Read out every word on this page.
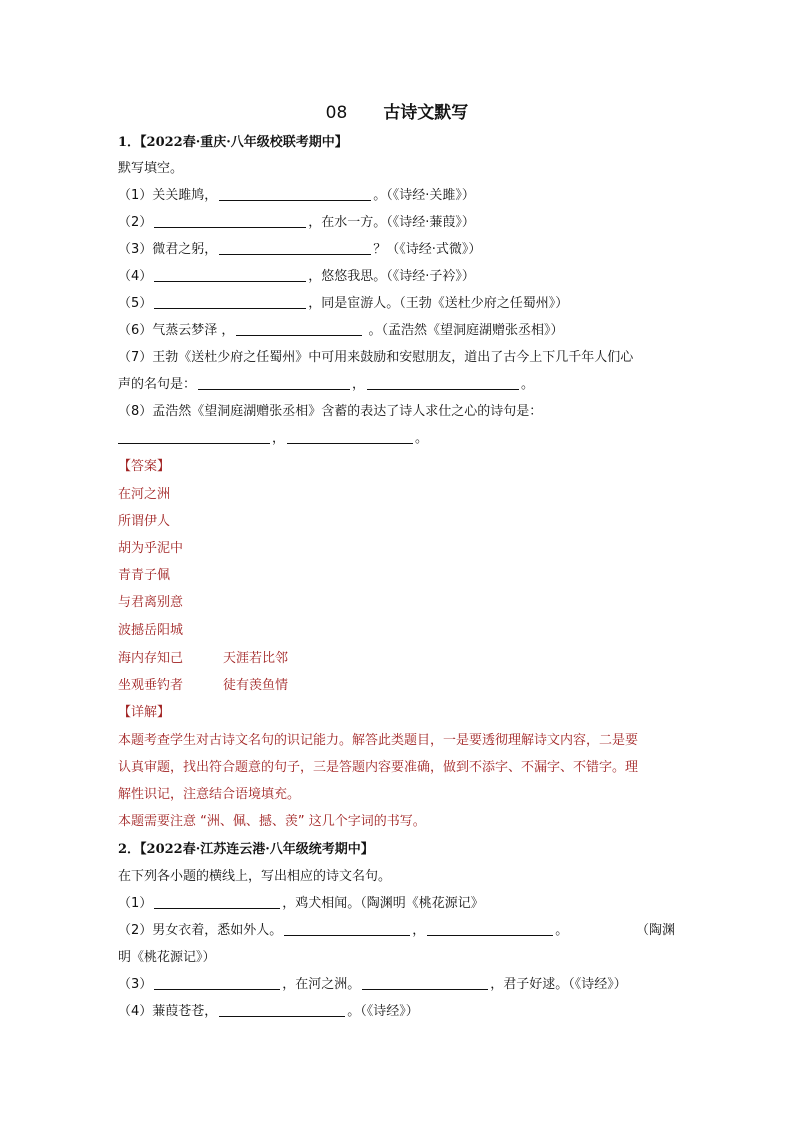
08 古诗文默写
1．【2022春·重庆·八年级校联考期中】
默写填空。
（1）关关雎鸠，	。（《诗经·关雎》）
（2）	，在水一方。（《诗经·蒹葭》）
（3）微君之躬，	？（《诗经·式微》）
（4）	，悠悠我思。（《诗经·子衿》）
（5）	，同是宦游人。（王勃《送杜少府之任蜀州》）
（6）气蒸云梦泽 ，	。（孟浩然《望洞庭湖赠张丞相》）
（7）王勃《送杜少府之任蜀州》中可用来鼓励和安慰朋友，道出了古今上下几千年人们心
声的名句是：	，	。
（8）孟浩然《望洞庭湖赠张丞相》含蓄的表达了诗人求仕之心的诗句是：
，	。
【答案】
在河之洲
所谓伊人
胡为乎泥中
青青子佩
与君离别意
波撼岳阳城
海内存知己	天涯若比邻
坐观垂钓者	徒有羡鱼情
【详解】
本题考查学生对古诗文名句的识记能力。解答此类题目，一是要透彻理解诗文内容，二是要
认真审题，找出符合题意的句子，三是答题内容要准确，做到不添字、不漏字、不错字。理
解性识记，注意结合语境填充。
本题需要注意 “洲、佩、撼、羡” 这几个字词的书写。
2．【2022春·江苏连云港·八年级统考期中】
在下列各小题的横线上，写出相应的诗文名句。
（1）	，鸡犬相闻。（陶渊明《桃花源记》
（2）男女衣着，悉如外人。	，	。	（陶渊
明《桃花源记》）
（3）	，在河之洲。	，君子好逑。（《诗经》）
（4）蒹葭苍苍，	。（《诗经》）
